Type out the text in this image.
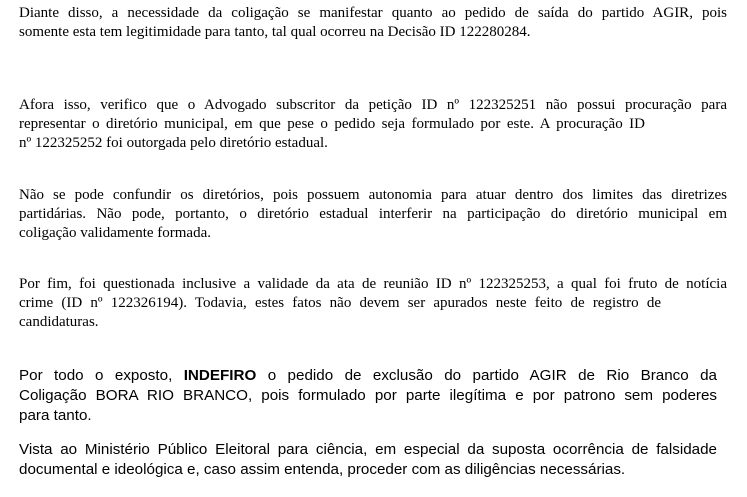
Diante disso, a necessidade da coligação se manifestar quanto ao pedido de saída do partido AGIR, pois
somente esta tem legitimidade para tanto, tal qual ocorreu na Decisão ID 122280284.
Afora isso, verifico que o Advogado subscritor da petição ID nº 122325251 não possui procuração para
representar o diretório municipal, em que pese o pedido seja formulado por este. A procuração ID
nº 122325252 foi outorgada pelo diretório estadual.
Não se pode confundir os diretórios, pois possuem autonomia para atuar dentro dos limites das diretrizes
partidárias. Não pode, portanto, o diretório estadual interferir na participação do diretório municipal em
coligação validamente formada.
Por fim, foi questionada inclusive a validade da ata de reunião ID nº 122325253, a qual foi fruto de notícia
crime (ID nº 122326194). Todavia, estes fatos não devem ser apurados neste feito de registro de
candidaturas.
Por todo o exposto, INDEFIRO o pedido de exclusão do partido AGIR de Rio Branco da
Coligação BORA RIO BRANCO, pois formulado por parte ilegítima e por patrono sem poderes
para tanto.
Vista ao Ministério Público Eleitoral para ciência, em especial da suposta ocorrência de falsidade
documental e ideológica e, caso assim entenda, proceder com as diligências necessárias.
